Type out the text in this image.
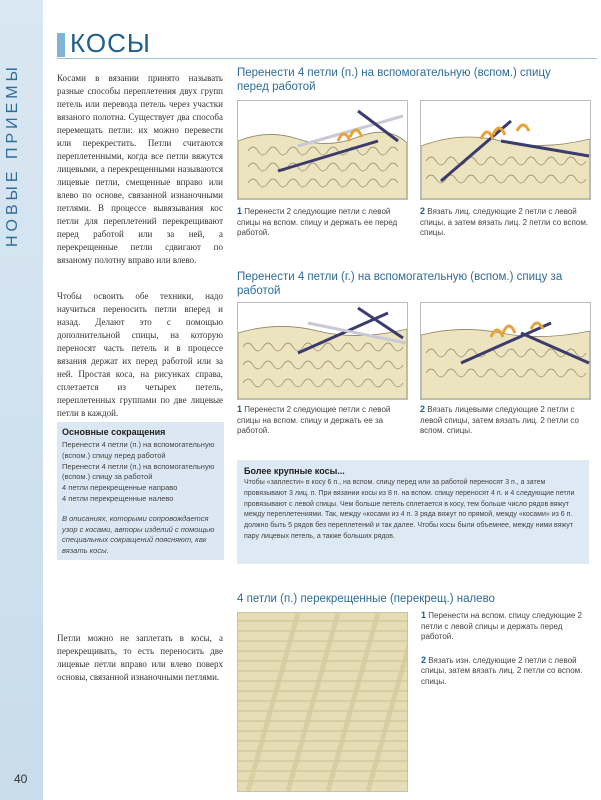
НОВЫЕ ПРИЕМЫ
40
КОСЫ
Косами в вязании принято называть разные способы переплетения двух групп петель или перевода петель через участки вязаного полотна. Существует два способа перемещать петли: их можно перевести или перекрестить. Петли считаются переплетенными, когда все петли вяжутся лицевыми, а перекрещенными называются лицевые петли, смещенные вправо или влево по основе, связанной изнаночными петлями. В процессе вывязывания кос петли для переплетений перекрещивают перед работой или за ней, а перекрещенные петли сдвигают по вязаному полотну вправо или влево.
Чтобы освоить обе техники, надо научиться переносить петли вперед и назад. Делают это с помощью дополнительной спицы, на которую переносят часть петель и в процессе вязания держат их перед работой или за ней. Простая коса, на рисунках справа, сплетается из четырех петель, переплетенных группами по две лицевые петли в каждой.
Основные сокращения
Перенести 4 петли (п.) на вспомогательную (вспом.) спицу перед работой
Перенести 4 петли (п.) на вспомогательную (вспом.) спицу за работой
4 петли перекрещенные направо
4 петли перекрещенные налево
В описаниях, которыми сопровождается узор с косами, авторы изделий с помощью специальных сокращений поясняют, как вязать косы.
Петли можно не заплетать в косы, а перекрещивать, то есть переносить две лицевые петли вправо или влево поверх основы, связанной изнаночными петлями.
Перенести 4 петли (п.) на вспомогательную (вспом.) спицу перед работой
1 Перенести 2 следующие петли с левой спицы на вспом. спицу и держать ее перед работой.
2 Вязать лиц. следующие 2 петли с левой спицы, а затем вязать лиц. 2 петли со вспом. спицы.
Перенести 4 петли (г.) на вспомогательную (вспом.) спицу за работой
1 Перенести 2 следующие петли с левой спицы на вспом. спицу и держать ее за работой.
2 Вязать лицевыми следующие 2 петли с левой спицы, затем вязать лиц. 2 петли со вспом. спицы.
Более крупные косы...
Чтобы «заплести» в косу 6 п., на вспом. спицу перед или за работой переносят 3 п., а затем провязывают 3 лиц. п. При вязании косы из 8 п. на вспом. спицу переносят 4 п. и 4 следующие петли провязывают с левой спицы. Чем больше петель сплетается в косу, тем больше число рядов вяжут между переплетениями. Так, между «косами из 4 п. 3 ряда вяжут по прямой, между «косами» из 6 п. должно быть 5 рядов без переплетений и так далее. Чтобы косы были объемнее, между ними вяжут пару лицевых петель, а также больших рядов.
4 петли (п.) перекрещенные (перекрещ.) налево
1 Перенести на вспом. спицу следующие 2 петли с левой спицы и держать перед работой.
2 Вязать изн. следующие 2 петли с левой спицы, затем вязать лиц. 2 петли со вспом. спицы.
